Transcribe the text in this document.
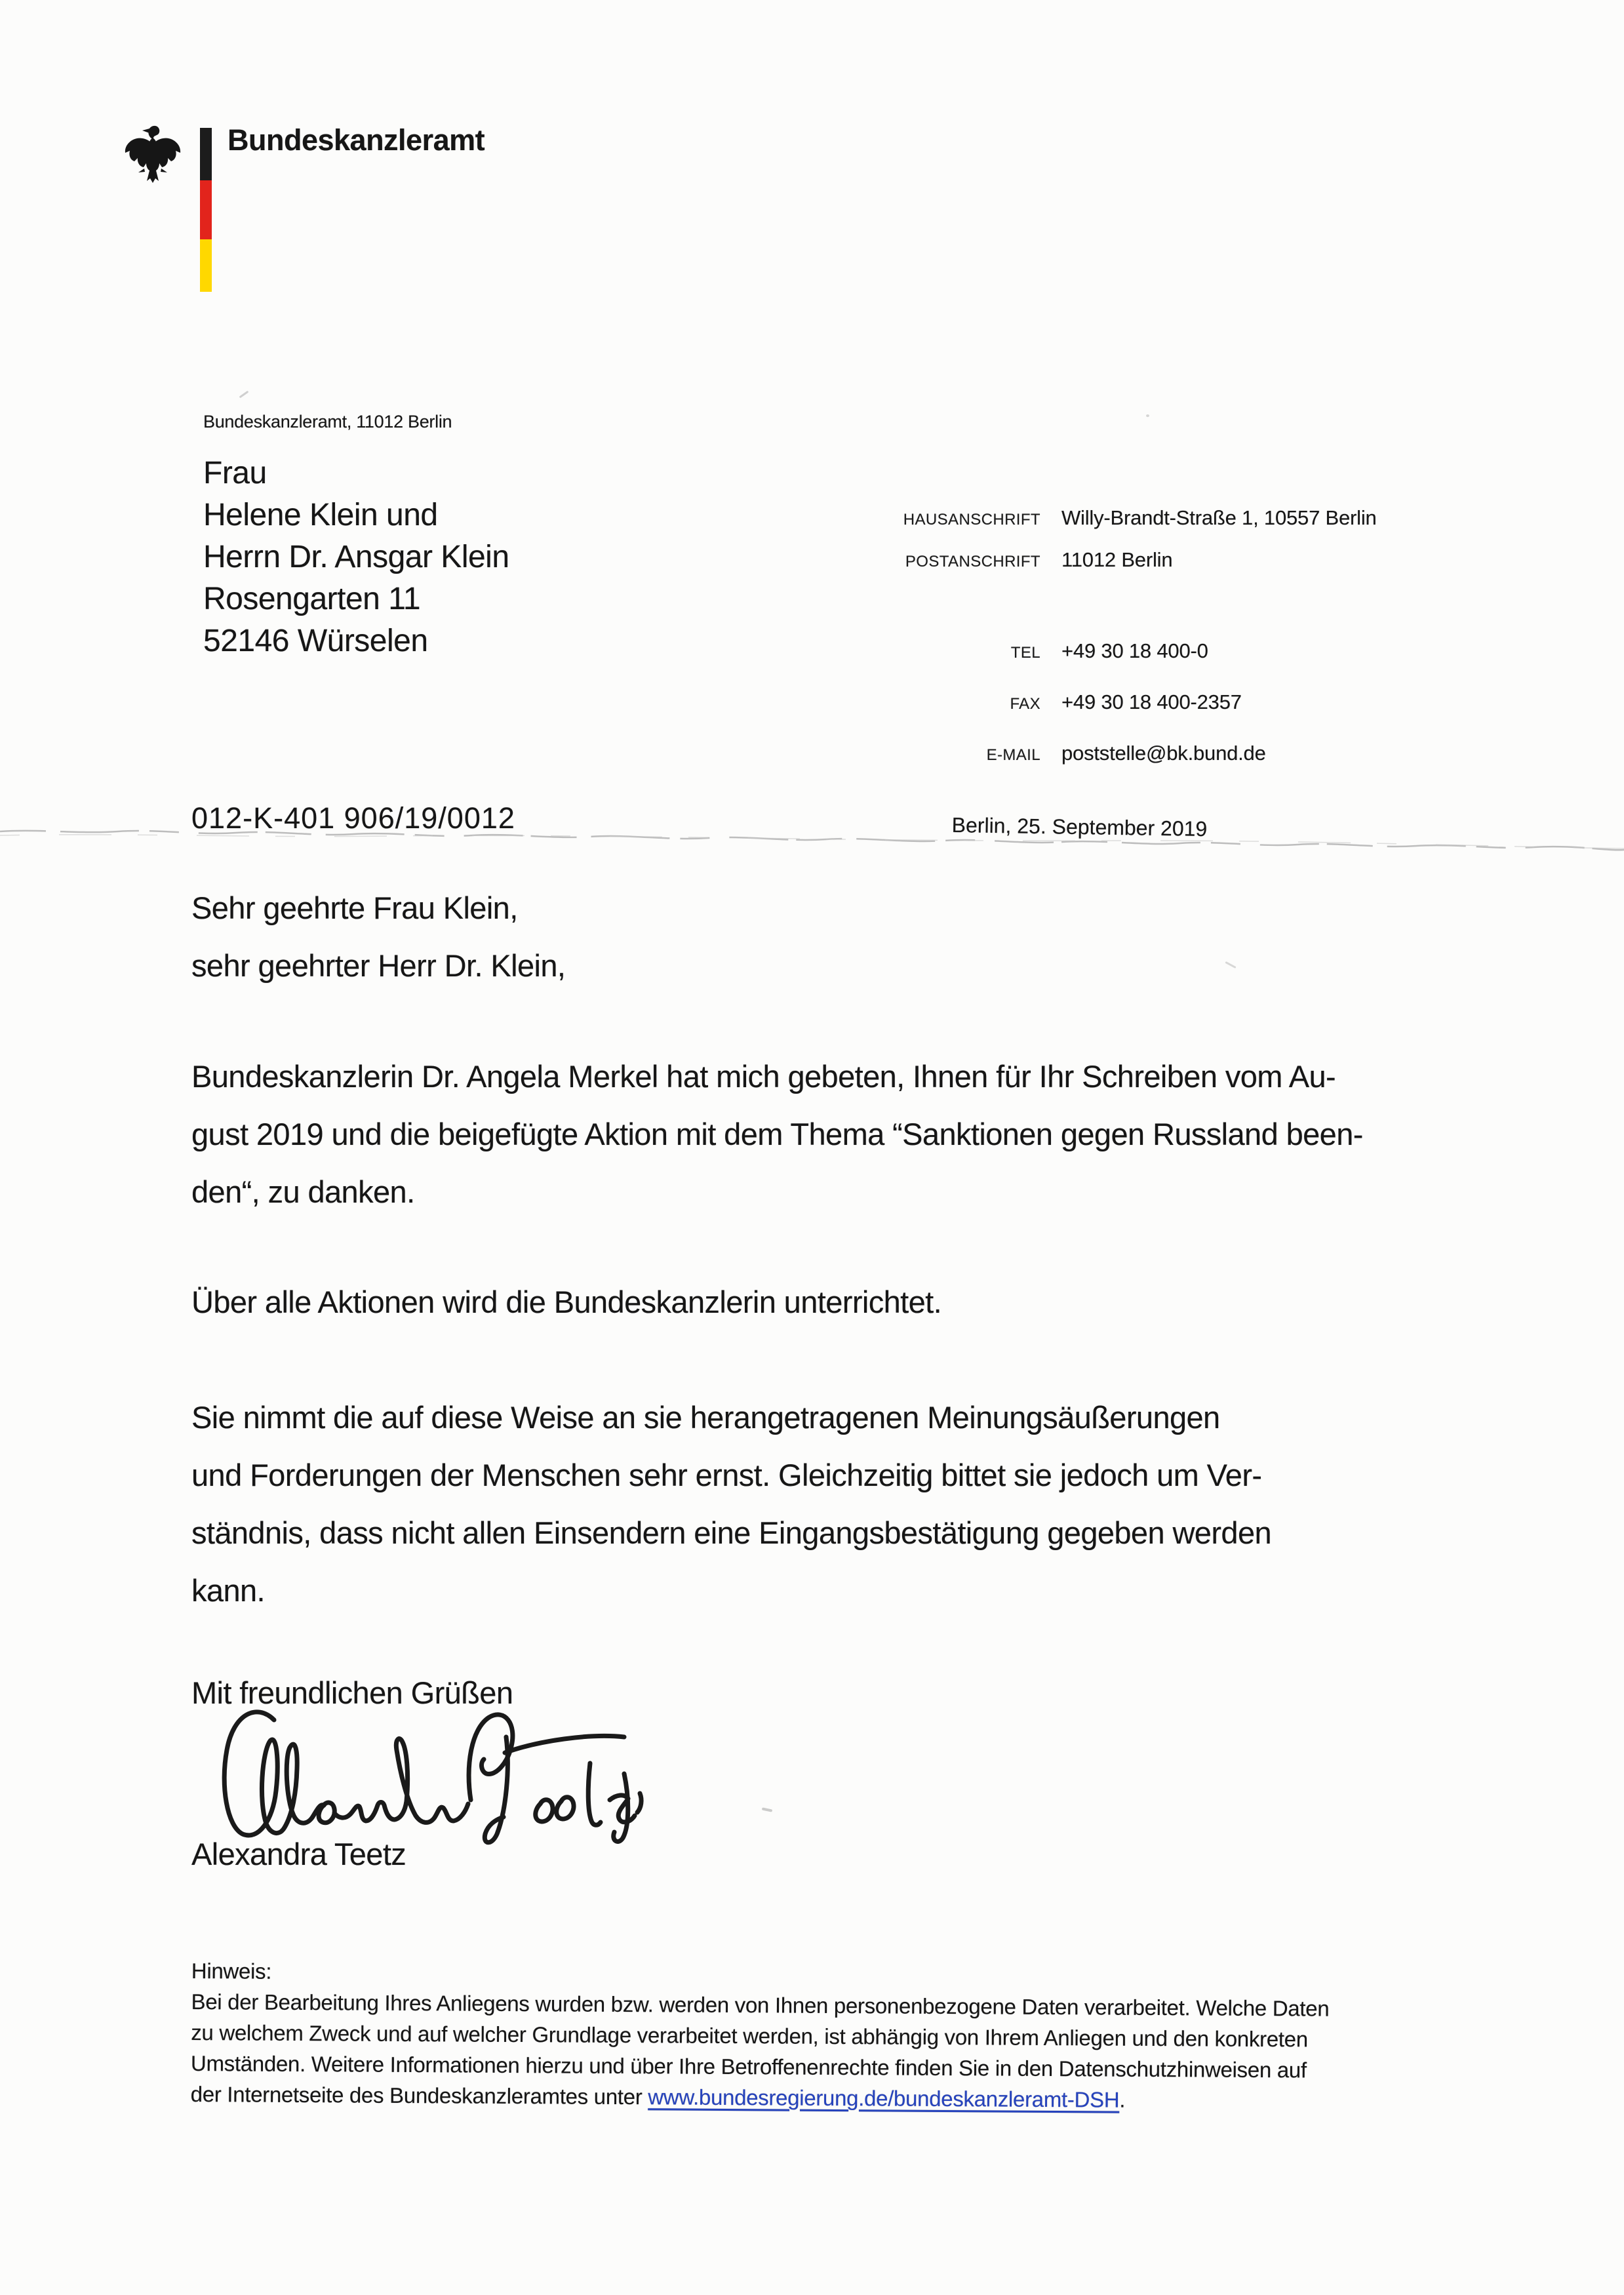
Bundeskanzleramt
Bundeskanzleramt, 11012 Berlin
Frau
Helene Klein und
Herrn Dr. Ansgar Klein
Rosengarten 11
52146 Würselen
HAUSANSCHRIFT Willy-Brandt-Straße 1, 10557 Berlin
POSTANSCHRIFT 11012 Berlin
TEL +49 30 18 400-0
FAX +49 30 18 400-2357
E-MAIL poststelle@bk.bund.de
012-K-401 906/19/0012	Berlin, 25. September 2019
Sehr geehrte Frau Klein,
sehr geehrter Herr Dr. Klein,
Bundeskanzlerin Dr. Angela Merkel hat mich gebeten, Ihnen für Ihr Schreiben vom Au-
gust 2019 und die beigefügte Aktion mit dem Thema “Sanktionen gegen Russland been-
den“, zu danken.
Über alle Aktionen wird die Bundeskanzlerin unterrichtet.
Sie nimmt die auf diese Weise an sie herangetragenen Meinungsäußerungen
und Forderungen der Menschen sehr ernst. Gleichzeitig bittet sie jedoch um Ver-
ständnis, dass nicht allen Einsendern eine Eingangsbestätigung gegeben werden
kann.
Mit freundlichen Grüßen
Alexandra Teetz
Hinweis:
Bei der Bearbeitung Ihres Anliegens wurden bzw. werden von Ihnen personenbezogene Daten verarbeitet. Welche Daten
zu welchem Zweck und auf welcher Grundlage verarbeitet werden, ist abhängig von Ihrem Anliegen und den konkreten
Umständen. Weitere Informationen hierzu und über Ihre Betroffenenrechte finden Sie in den Datenschutzhinweisen auf
der Internetseite des Bundeskanzleramtes unter www.bundesregierung.de/bundeskanzleramt-DSH.
